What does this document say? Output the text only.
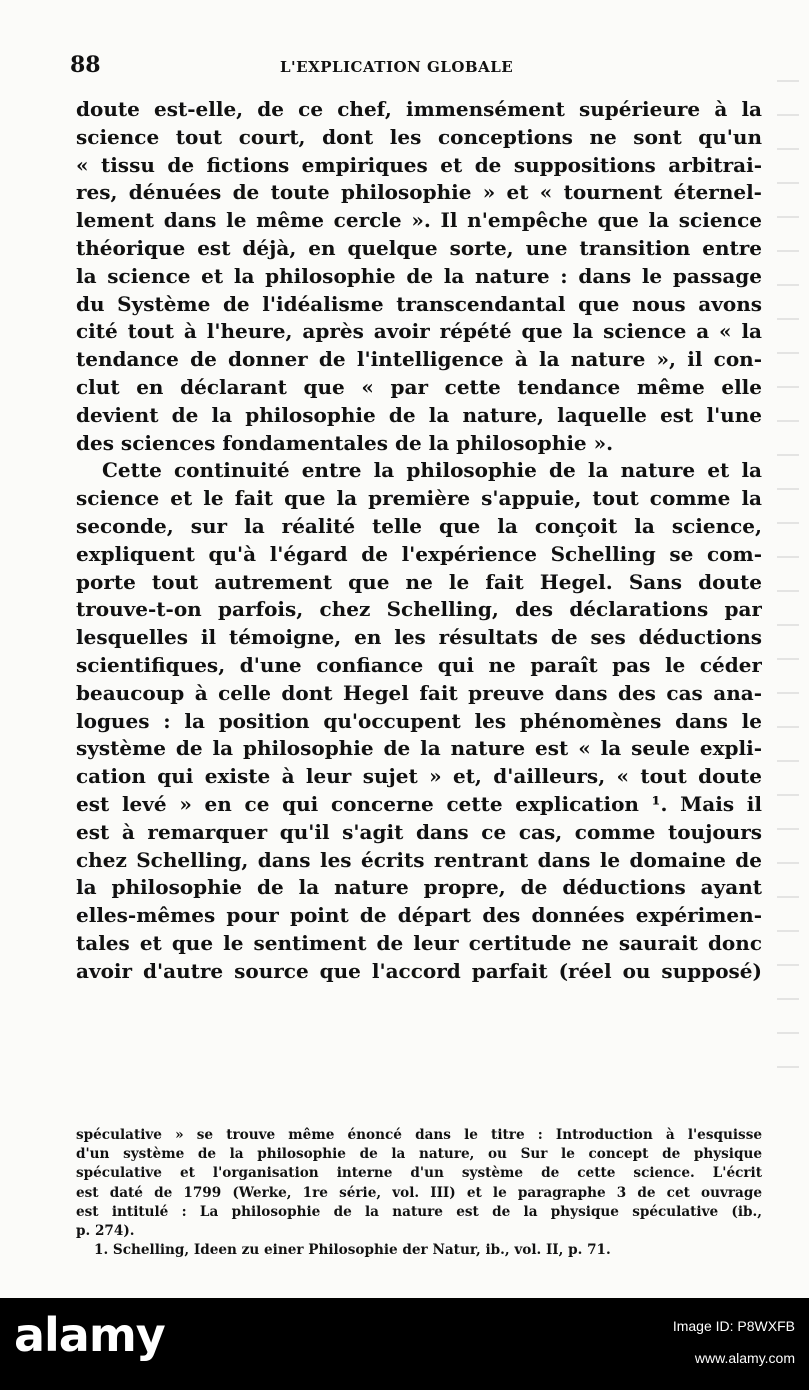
88	L'EXPLICATION GLOBALE
doute est-elle, de ce chef, immensément supérieure à la
science tout court, dont les conceptions ne sont qu'un
« tissu de fictions empiriques et de suppositions arbitrai-
res, dénuées de toute philosophie » et « tournent éternel-
lement dans le même cercle ». Il n'empêche que la science
théorique est déjà, en quelque sorte, une transition entre
la science et la philosophie de la nature : dans le passage
du Système de l'idéalisme transcendantal que nous avons
cité tout à l'heure, après avoir répété que la science a « la
tendance de donner de l'intelligence à la nature », il con-
clut en déclarant que « par cette tendance même elle
devient de la philosophie de la nature, laquelle est l'une
des sciences fondamentales de la philosophie ».
Cette continuité entre la philosophie de la nature et la
science et le fait que la première s'appuie, tout comme la
seconde, sur la réalité telle que la conçoit la science,
expliquent qu'à l'égard de l'expérience Schelling se com-
porte tout autrement que ne le fait Hegel. Sans doute
trouve-t-on parfois, chez Schelling, des déclarations par
lesquelles il témoigne, en les résultats de ses déductions
scientifiques, d'une confiance qui ne paraît pas le céder
beaucoup à celle dont Hegel fait preuve dans des cas ana-
logues : la position qu'occupent les phénomènes dans le
système de la philosophie de la nature est « la seule expli-
cation qui existe à leur sujet » et, d'ailleurs, « tout doute
est levé » en ce qui concerne cette explication ¹. Mais il
est à remarquer qu'il s'agit dans ce cas, comme toujours
chez Schelling, dans les écrits rentrant dans le domaine de
la philosophie de la nature propre, de déductions ayant
elles-mêmes pour point de départ des données expérimen-
tales et que le sentiment de leur certitude ne saurait donc
avoir d'autre source que l'accord parfait (réel ou supposé)
spéculative » se trouve même énoncé dans le titre : Introduction à l'esquisse
d'un système de la philosophie de la nature, ou Sur le concept de physique
spéculative et l'organisation interne d'un système de cette science. L'écrit
est daté de 1799 (Werke, 1re série, vol. III) et le paragraphe 3 de cet ouvrage
est intitulé : La philosophie de la nature est de la physique spéculative (ib.,
p. 274).
1. Schelling, Ideen zu einer Philosophie der Natur, ib., vol. II, p. 71.
alamy	Image ID: P8WXFB
www.alamy.com
